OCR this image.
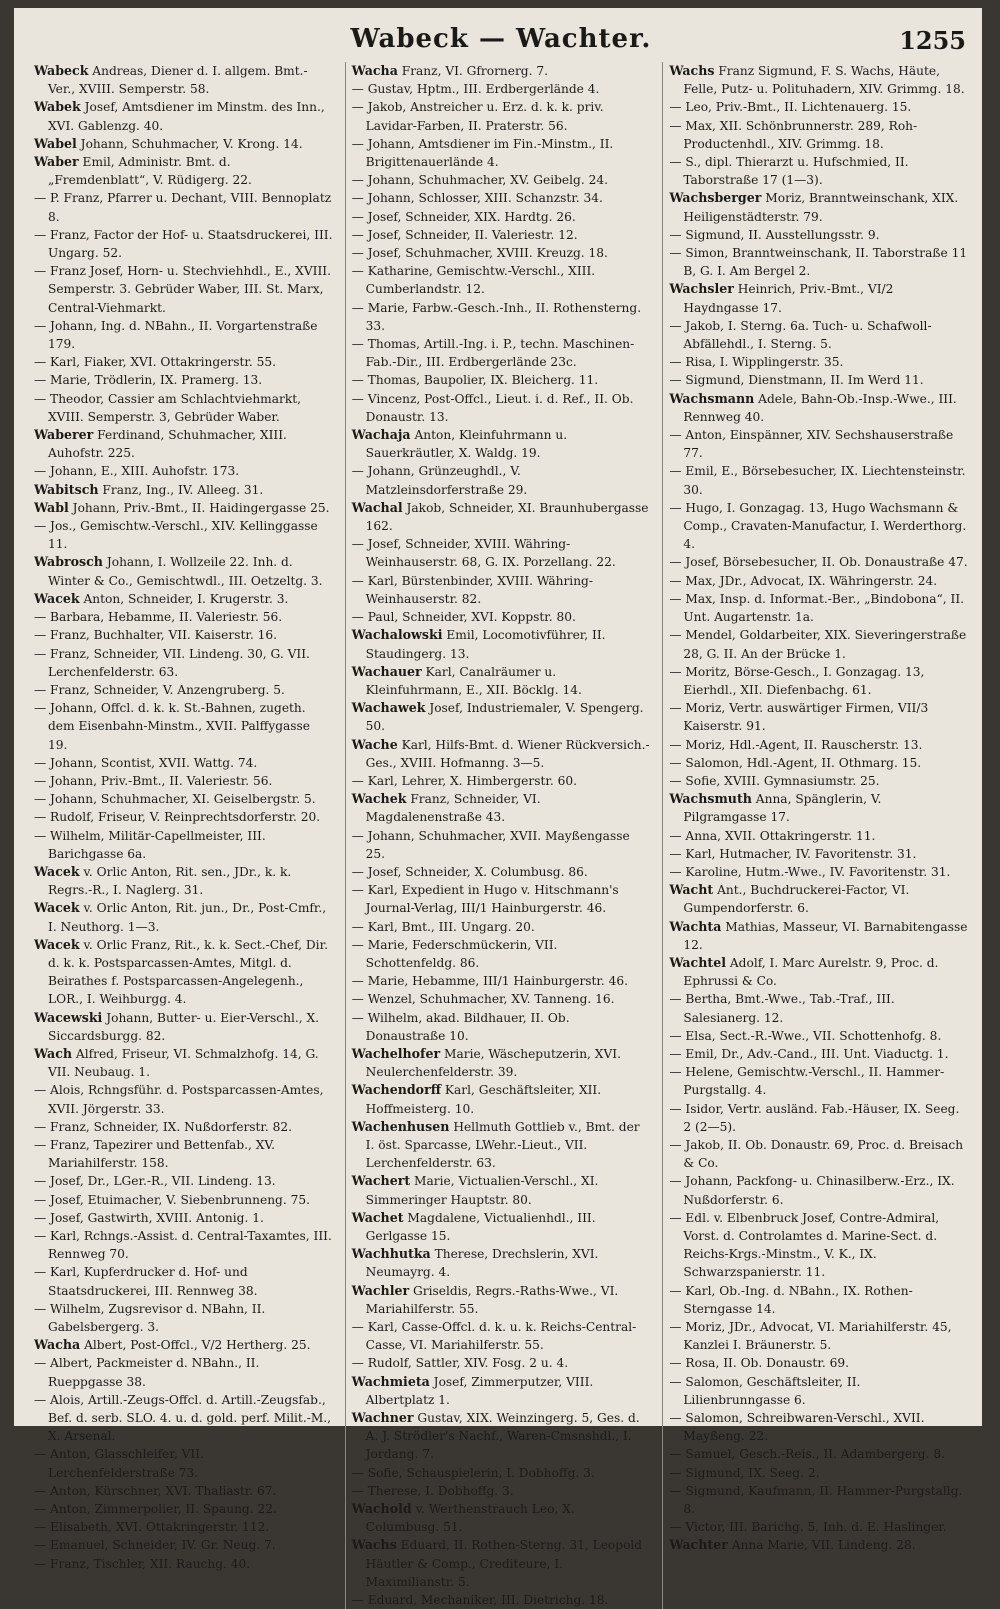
Wabeck — Wachter.	1255

Wabeck Andreas, Diener d. I. allgem. Bmt.-Ver., XVIII. Semperstr. 58.

Wabek Josef, Amtsdiener im Minstm. des Inn., XVI. Gablenzg. 40.

Wabel Johann, Schuhmacher, V. Krong. 14.

Waber Emil, Administr. Bmt. d. „Fremdenblatt“, V. Rüdigerg. 22.

— P. Franz, Pfarrer u. Dechant, VIII. Bennoplatz 8.

— Franz, Factor der Hof- u. Staatsdruckerei, III. Ungarg. 52.

— Franz Josef, Horn- u. Stechviehhdl., E., XVIII. Semperstr. 3. Gebrüder Waber, III. St. Marx, Central-Viehmarkt.

— Johann, Ing. d. NBahn., II. Vorgartenstraße 179.

— Karl, Fiaker, XVI. Ottakringerstr. 55.

— Marie, Trödlerin, IX. Pramerg. 13.

— Theodor, Cassier am Schlachtviehmarkt, XVIII. Semperstr. 3, Gebrüder Waber.

Waberer Ferdinand, Schuhmacher, XIII. Auhofstr. 225.

— Johann, E., XIII. Auhofstr. 173.

Wabitsch Franz, Ing., IV. Alleeg. 31.

Wabl Johann, Priv.-Bmt., II. Haidingergasse 25.

— Jos., Gemischtw.-Verschl., XIV. Kellinggasse 11.

Wabrosch Johann, I. Wollzeile 22. Inh. d. Winter & Co., Gemischtwdl., III. Oetzeltg. 3.

Wacek Anton, Schneider, I. Krugerstr. 3.

— Barbara, Hebamme, II. Valeriestr. 56.

— Franz, Buchhalter, VII. Kaiserstr. 16.

— Franz, Schneider, VII. Lindeng. 30, G. VII. Lerchenfelderstr. 63.

— Franz, Schneider, V. Anzengruberg. 5.

— Johann, Offcl. d. k. k. St.-Bahnen, zugeth. dem Eisenbahn-Minstm., XVII. Palffygasse 19.

— Johann, Scontist, XVII. Wattg. 74.

— Johann, Priv.-Bmt., II. Valeriestr. 56.

— Johann, Schuhmacher, XI. Geiselbergstr. 5.

— Rudolf, Friseur, V. Reinprechtsdorferstr. 20.

— Wilhelm, Militär-Capellmeister, III. Barichgasse 6a.

Wacek v. Orlic Anton, Rit. sen., JDr., k. k. Regrs.-R., I. Naglerg. 31.

Wacek v. Orlic Anton, Rit. jun., Dr., Post-Cmfr., I. Neuthorg. 1—3.

Wacek v. Orlic Franz, Rit., k. k. Sect.-Chef, Dir. d. k. k. Postsparcassen-Amtes, Mitgl. d. Beirathes f. Postsparcassen-Angelegenh., LOR., I. Weihburgg. 4.

Wacewski Johann, Butter- u. Eier-Verschl., X. Siccardsburgg. 82.

Wach Alfred, Friseur, VI. Schmalzhofg. 14, G. VII. Neubaug. 1.

— Alois, Rchngsführ. d. Postsparcassen-Amtes, XVII. Jörgerstr. 33.

— Franz, Schneider, IX. Nußdorferstr. 82.

— Franz, Tapezirer und Bettenfab., XV. Mariahilferstr. 158.

— Josef, Dr., LGer.-R., VII. Lindeng. 13.

— Josef, Etuimacher, V. Siebenbrunneng. 75.

— Josef, Gastwirth, XVIII. Antonig. 1.

— Karl, Rchngs.-Assist. d. Central-Taxamtes, III. Rennweg 70.

— Karl, Kupferdrucker d. Hof- und Staatsdruckerei, III. Rennweg 38.

— Wilhelm, Zugsrevisor d. NBahn, II. Gabelsbergerg. 3.

Wacha Albert, Post-Offcl., V/2 Hertherg. 25.

— Albert, Packmeister d. NBahn., II. Rueppgasse 38.

— Alois, Artill.-Zeugs-Offcl. d. Artill.-Zeugsfab., Bef. d. serb. SLO. 4. u. d. gold. perf. Milit.-M., X. Arsenal.

— Anton, Glasschleifer, VII. Lerchenfelderstraße 73.

— Anton, Kürschner, XVI. Thaliastr. 67.

— Anton, Zimmerpolier, II. Spaung. 22.

— Elisabeth, XVI. Ottakringerstr. 112.

— Emanuel, Schneider, IV. Gr. Neug. 7.

— Franz, Tischler, XII. Rauchg. 40.

Wacha Franz, VI. Gfrornerg. 7.

— Gustav, Hptm., III. Erdbergerlände 4.

— Jakob, Anstreicher u. Erz. d. k. k. priv. Lavidar-Farben, II. Praterstr. 56.

— Johann, Amtsdiener im Fin.-Minstm., II. Brigittenauerlände 4.

— Johann, Schuhmacher, XV. Geibelg. 24.

— Johann, Schlosser, XIII. Schanzstr. 34.

— Josef, Schneider, XIX. Hardtg. 26.

— Josef, Schneider, II. Valeriestr. 12.

— Josef, Schuhmacher, XVIII. Kreuzg. 18.

— Katharine, Gemischtw.-Verschl., XIII. Cumberlandstr. 12.

— Marie, Farbw.-Gesch.-Inh., II. Rothensterng. 33.

— Thomas, Artill.-Ing. i. P., techn. Maschinen-Fab.-Dir., III. Erdbergerlände 23c.

— Thomas, Baupolier, IX. Bleicherg. 11.

— Vincenz, Post-Offcl., Lieut. i. d. Ref., II. Ob. Donaustr. 13.

Wachaja Anton, Kleinfuhrmann u. Sauerkräutler, X. Waldg. 19.

— Johann, Grünzeughdl., V. Matzleinsdorferstraße 29.

Wachal Jakob, Schneider, XI. Braunhubergasse 162.

— Josef, Schneider, XVIII. Währing-Weinhauserstr. 68, G. IX. Porzellang. 22.

— Karl, Bürstenbinder, XVIII. Währing-Weinhauserstr. 82.

— Paul, Schneider, XVI. Koppstr. 80.

Wachalowski Emil, Locomotivführer, II. Staudingerg. 13.

Wachauer Karl, Canalräumer u. Kleinfuhrmann, E., XII. Böcklg. 14.

Wachawek Josef, Industriemaler, V. Spengerg. 50.

Wache Karl, Hilfs-Bmt. d. Wiener Rückversich.-Ges., XVIII. Hofmanng. 3—5.

— Karl, Lehrer, X. Himbergerstr. 60.

Wachek Franz, Schneider, VI. Magdalenenstraße 43.

— Johann, Schuhmacher, XVII. Mayßengasse 25.

— Josef, Schneider, X. Columbusg. 86.

— Karl, Expedient in Hugo v. Hitschmann's Journal-Verlag, III/1 Hainburgerstr. 46.

— Karl, Bmt., III. Ungarg. 20.

— Marie, Federschmückerin, VII. Schottenfeldg. 86.

— Marie, Hebamme, III/1 Hainburgerstr. 46.

— Wenzel, Schuhmacher, XV. Tanneng. 16.

— Wilhelm, akad. Bildhauer, II. Ob. Donaustraße 10.

Wachelhofer Marie, Wäscheputzerin, XVI. Neulerchenfelderstr. 39.

Wachendorff Karl, Geschäftsleiter, XII. Hoffmeisterg. 10.

Wachenhusen Hellmuth Gottlieb v., Bmt. der I. öst. Sparcasse, LWehr.-Lieut., VII. Lerchenfelderstr. 63.

Wachert Marie, Victualien-Verschl., XI. Simmeringer Hauptstr. 80.

Wachet Magdalene, Victualienhdl., III. Gerlgasse 15.

Wachhutka Therese, Drechslerin, XVI. Neumayrg. 4.

Wachler Griseldis, Regrs.-Raths-Wwe., VI. Mariahilferstr. 55.

— Karl, Casse-Offcl. d. k. u. k. Reichs-Central-Casse, VI. Mariahilferstr. 55.

— Rudolf, Sattler, XIV. Fosg. 2 u. 4.

Wachmieta Josef, Zimmerputzer, VIII. Albertplatz 1.

Wachner Gustav, XIX. Weinzingerg. 5, Ges. d. A. J. Strödler's Nachf., Waren-Cmsnshdl., I. Jordang. 7.

— Sofie, Schauspielerin, I. Dobhoffg. 3.

— Therese, I. Dobhoffg. 3.

Wachold v. Werthenstrauch Leo, X. Columbusg. 51.

Wachs Eduard, II. Rothen-Sterng. 31, Leopold Häutler & Comp., Crediteure, I. Maximilianstr. 5.

— Eduard, Mechaniker, III. Dietrichg. 18.

Wachs Franz Sigmund, F. S. Wachs, Häute, Felle, Putz- u. Polituhadern, XIV. Grimmg. 18.

— Leo, Priv.-Bmt., II. Lichtenauerg. 15.

— Max, XII. Schönbrunnerstr. 289, Roh-Productenhdl., XIV. Grimmg. 18.

— S., dipl. Thierarzt u. Hufschmied, II. Taborstraße 17 (1—3).

Wachsberger Moriz, Branntweinschank, XIX. Heiligenstädterstr. 79.

— Sigmund, II. Ausstellungsstr. 9.

— Simon, Branntweinschank, II. Taborstraße 11 B, G. I. Am Bergel 2.

Wachsler Heinrich, Priv.-Bmt., VI/2 Haydngasse 17.

— Jakob, I. Sterng. 6a. Tuch- u. Schafwoll-Abfällehdl., I. Sterng. 5.

— Risa, I. Wipplingerstr. 35.

— Sigmund, Dienstmann, II. Im Werd 11.

Wachsmann Adele, Bahn-Ob.-Insp.-Wwe., III. Rennweg 40.

— Anton, Einspänner, XIV. Sechshauserstraße 77.

— Emil, E., Börsebesucher, IX. Liechtensteinstr. 30.

— Hugo, I. Gonzagag. 13, Hugo Wachsmann & Comp., Cravaten-Manufactur, I. Werderthorg. 4.

— Josef, Börsebesucher, II. Ob. Donaustraße 47.

— Max, JDr., Advocat, IX. Währingerstr. 24.

— Max, Insp. d. Informat.-Ber., „Bindobona“, II. Unt. Augartenstr. 1a.

— Mendel, Goldarbeiter, XIX. Sieveringerstraße 28, G. II. An der Brücke 1.

— Moritz, Börse-Gesch., I. Gonzagag. 13, Eierhdl., XII. Diefenbachg. 61.

— Moriz, Vertr. auswärtiger Firmen, VII/3 Kaiserstr. 91.

— Moriz, Hdl.-Agent, II. Rauscherstr. 13.

— Salomon, Hdl.-Agent, II. Othmarg. 15.

— Sofie, XVIII. Gymnasiumstr. 25.

Wachsmuth Anna, Spänglerin, V. Pilgramgasse 17.

— Anna, XVII. Ottakringerstr. 11.

— Karl, Hutmacher, IV. Favoritenstr. 31.

— Karoline, Hutm.-Wwe., IV. Favoritenstr. 31.

Wacht Ant., Buchdruckerei-Factor, VI. Gumpendorferstr. 6.

Wachta Mathias, Masseur, VI. Barnabitengasse 12.

Wachtel Adolf, I. Marc Aurelstr. 9, Proc. d. Ephrussi & Co.

— Bertha, Bmt.-Wwe., Tab.-Traf., III. Salesianerg. 12.

— Elsa, Sect.-R.-Wwe., VII. Schottenhofg. 8.

— Emil, Dr., Adv.-Cand., III. Unt. Viaductg. 1.

— Helene, Gemischtw.-Verschl., II. Hammer-Purgstallg. 4.

— Isidor, Vertr. ausländ. Fab.-Häuser, IX. Seeg. 2 (2—5).

— Jakob, II. Ob. Donaustr. 69, Proc. d. Breisach & Co.

— Johann, Packfong- u. Chinasilberw.-Erz., IX. Nußdorferstr. 6.

— Edl. v. Elbenbruck Josef, Contre-Admiral, Vorst. d. Controlamtes d. Marine-Sect. d. Reichs-Krgs.-Minstm., V. K., IX. Schwarzspanierstr. 11.

— Karl, Ob.-Ing. d. NBahn., IX. Rothen-Sterngasse 14.

— Moriz, JDr., Advocat, VI. Mariahilferstr. 45, Kanzlei I. Bräunerstr. 5.

— Rosa, II. Ob. Donaustr. 69.

— Salomon, Geschäftsleiter, II. Lilienbrunngasse 6.

— Salomon, Schreibwaren-Verschl., XVII. Mayßeng. 22.

— Samuel, Gesch.-Reis., II. Adambergerg. 8.

— Sigmund, IX. Seeg. 2.

— Sigmund, Kaufmann, II. Hammer-Purgstallg. 8.

— Victor, III. Barichg. 5, Inh. d. E. Haslinger.

Wachter Anna Marie, VII. Lindeng. 28.
